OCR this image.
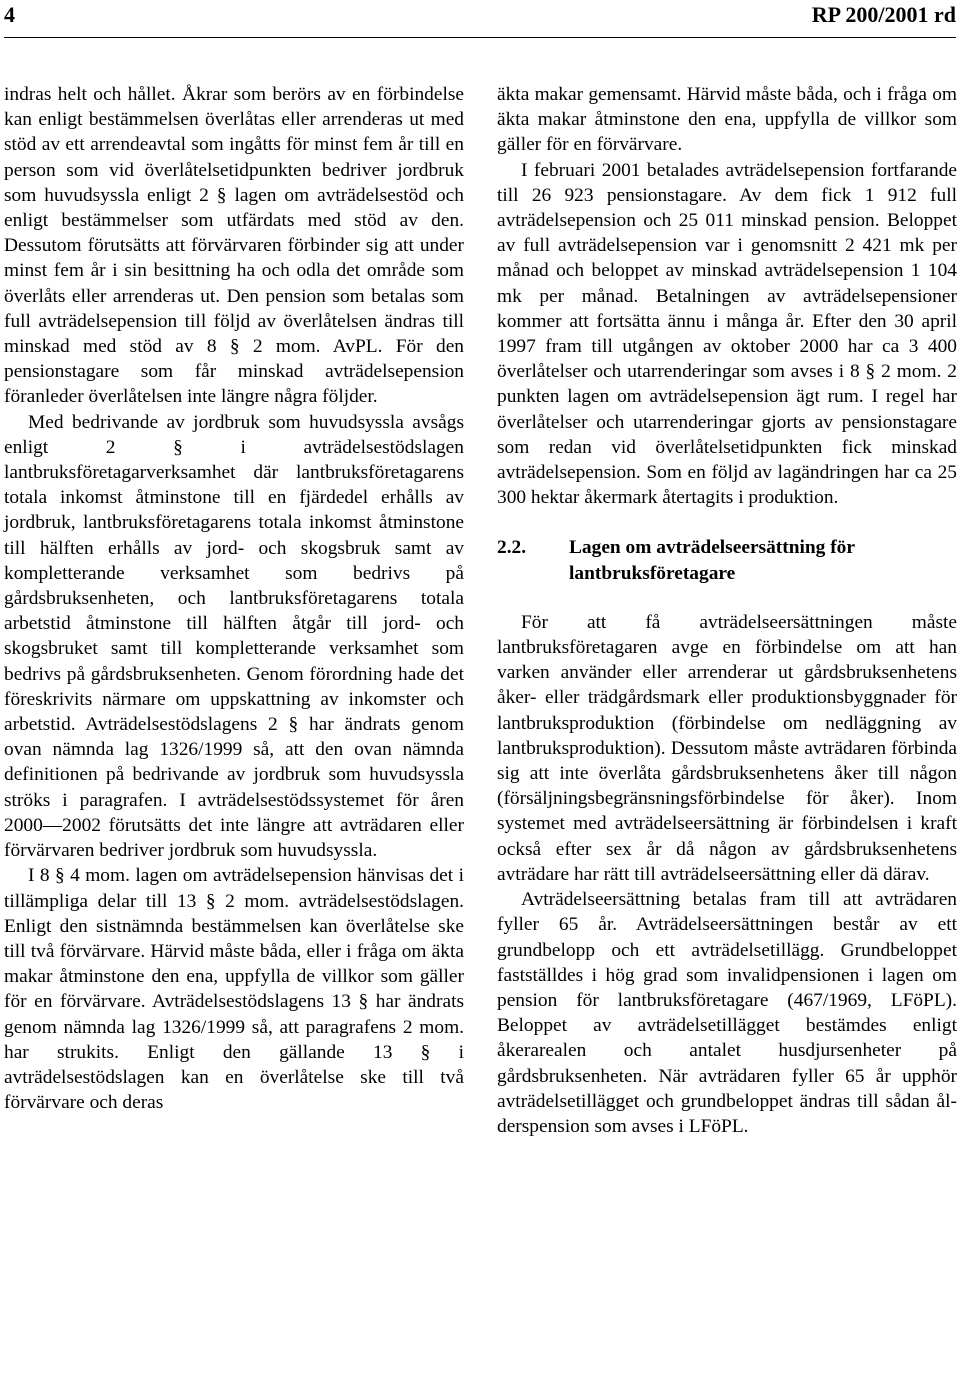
4	RP 200/2001 rd

indras helt och hållet. Åkrar som berörs av en förbindelse kan enligt bestämmelsen överlåtas eller arrenderas ut med stöd av ett arrendeavtal som ingåtts för minst fem år till en person som vid överlåtelsetidpunkten bedriver jordbruk som huvudsyssla enligt 2 § lagen om avträdelsestöd och enligt bestämmelser som utfärdats med stöd av den. Dessutom förutsätts att förvärvaren förbinder sig att under minst fem år i sin besittning ha och odla det område som överlåts eller arrenderas ut. Den pension som betalas som full avträdelsepension till följd av överlåtelsen ändras till minskad med stöd av 8 § 2 mom. AvPL. För den pensionstagare som får minskad avträdelsepension föranleder överlåtelsen inte längre några följder.

Med bedrivande av jordbruk som huvudsyssla avsågs enligt 2 § i avträdelsestödslagen lantbruksföretagarverksamhet där lantbruksföretagarens totala inkomst åtminstone till en fjärdedel erhålls av jordbruk, lantbruksföretagarens totala inkomst åtminstone till hälften erhålls av jord- och skogsbruk samt av kompletterande verksamhet som bedrivs på gårdsbruksenheten, och lantbruksföretagarens totala arbetstid åtminstone till hälften åtgår till jord- och skogsbruket samt till kompletterande verksamhet som bedrivs på gårdsbruksenheten. Genom förordning hade det föreskrivits närmare om uppskattning av inkomster och arbetstid. Avträdelsestödslagens 2 § har ändrats genom ovan nämnda lag 1326/1999 så, att den ovan nämnda definitionen på bedrivande av jordbruk som huvudsyssla ströks i paragrafen. I avträdelsestödssystemet för åren 2000—2002 förutsätts det inte längre att avträdaren eller förvärvaren bedriver jordbruk som huvudsyssla.

I 8 § 4 mom. lagen om avträdelsepension hänvisas det i tillämpliga delar till 13 § 2 mom. avträdelsestödslagen. Enligt den sistnämnda bestämmelsen kan överlåtelse ske till två förvärvare. Härvid måste båda, eller i fråga om äkta makar åtminstone den ena, uppfylla de villkor som gäller för en förvärvare. Avträdelsestödslagens 13 § har ändrats genom nämnda lag 1326/1999 så, att paragrafens 2 mom. har strukits. Enligt den gällande 13 § i avträdelsestödslagen kan en överlåtelse ske till två förvärvare och deras

äkta makar gemensamt. Härvid måste båda, och i fråga om äkta makar åtminstone den ena, uppfylla de villkor som gäller för en förvärvare.

I februari 2001 betalades avträdelsepension fortfarande till 26 923 pensionstagare. Av dem fick 1 912 full avträdelsepension och 25 011 minskad pension. Beloppet av full avträdelsepension var i genomsnitt 2 421 mk per månad och beloppet av minskad avträdelsepension 1 104 mk per månad. Betalningen av avträdelsepensioner kommer att fortsätta ännu i många år. Efter den 30 april 1997 fram till utgången av oktober 2000 har ca 3 400 överlåtelser och utarrenderingar som avses i 8 § 2 mom. 2 punkten lagen om avträdelsepension ägt rum. I regel har överlåtelser och utarrenderingar gjorts av pensionstagare som redan vid överlåtelsetidpunkten fick minskad avträdelsepension. Som en följd av lagändringen har ca 25 300 hektar åkermark återtagits i produktion.

2.2.	Lagen om avträdelseersättning för lantbruksföretagare

För att få avträdelseersättningen måste lantbruksföretagaren avge en förbindelse om att han varken använder eller arrenderar ut gårdsbruksenhetens åker- eller trädgårdsmark eller produktionsbyggnader för lantbruksproduktion (förbindelse om nedläggning av lantbruksproduktion). Dessutom måste avträdaren förbinda sig att inte överlåta gårdsbruksenhetens åker till någon (försäljningsbegränsningsförbindelse för åker). Inom systemet med avträdelseersättning är förbindelsen i kraft också efter sex år då någon av gårdsbruksenhetens avträdare har rätt till avträdelseersättning eller dä därav.

Avträdelseersättning betalas fram till att avträdaren fyller 65 år. Avträdelseersättningen består av ett grundbelopp och ett avträdelsetillägg. Grundbeloppet fastställdes i hög grad som invalidpensionen i lagen om pension för lantbruksföretagare (467/1969, LFöPL). Beloppet av avträdelsetillägget bestämdes enligt åkerarealen och antalet husdjursenheter på gårdsbruksenheten. När avträdaren fyller 65 år upphör avträdelsetillägget och grundbeloppet ändras till sådan ålderspension som avses i LFöPL.
